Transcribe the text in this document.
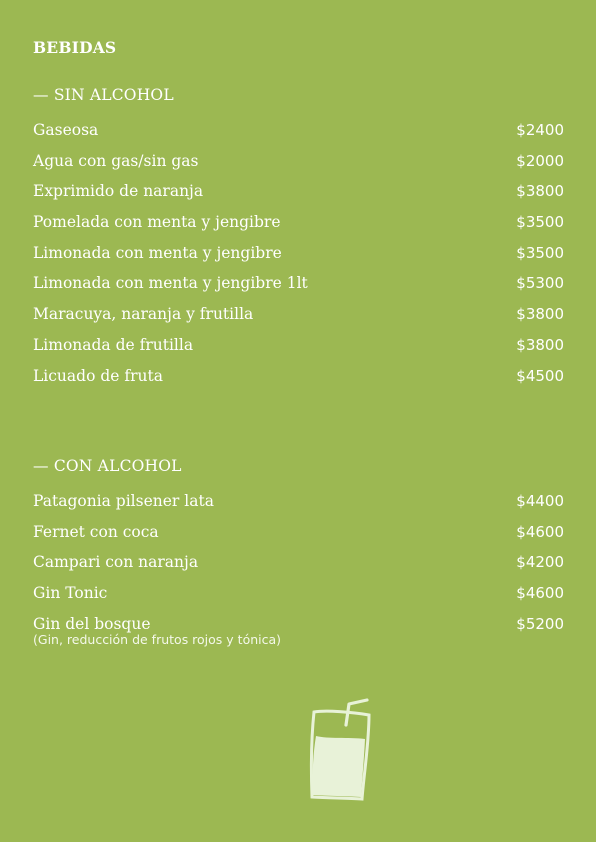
BEBIDAS
— SIN ALCOHOL
Gaseosa	$2400
Agua con gas/sin gas	$2000
Exprimido de naranja	$3800
Pomelada con menta y jengibre	$3500
Limonada con menta y jengibre	$3500
Limonada con menta y jengibre 1lt	$5300
Maracuya, naranja y frutilla	$3800
Limonada de frutilla	$3800
Licuado de fruta	$4500
— CON ALCOHOL
Patagonia pilsener lata	$4400
Fernet con coca	$4600
Campari con naranja	$4200
Gin Tonic	$4600
Gin del bosque	$5200
(Gin, reducción de frutos rojos y tónica)
